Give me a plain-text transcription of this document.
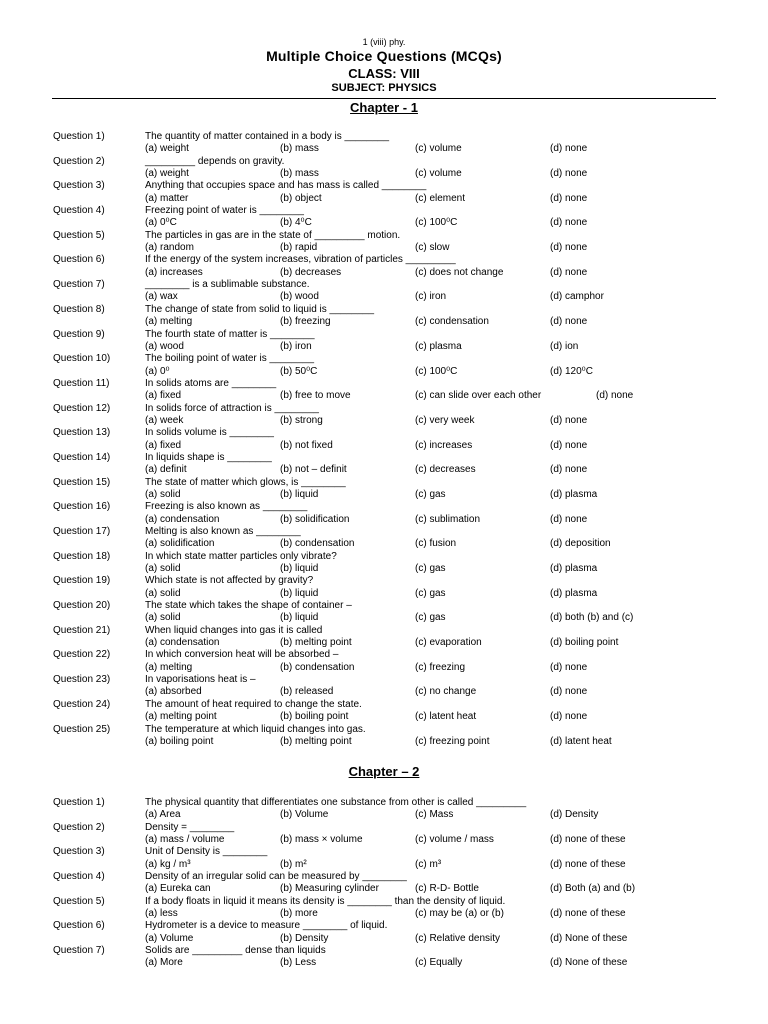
1 (viii) phy.
Multiple Choice Questions (MCQs)
CLASS: VIII
SUBJECT: PHYSICS
Chapter - 1
Question 1)	The quantity of matter contained in a body is ________
(a) weight	(b) mass	(c) volume	(d) none
Question 2)	_________ depends on gravity.
(a) weight	(b) mass	(c) volume	(d) none
Question 3)	Anything that occupies space and has mass is called ________
(a) matter	(b) object	(c) element	(d) none
Question 4)	Freezing point of water is ________
(a) 0⁰C	(b) 4⁰C	(c) 100⁰C	(d) none
Question 5)	The particles in gas are in the state of _________ motion.
(a) random	(b) rapid	(c) slow	(d) none
Question 6)	If the energy of the system increases, vibration of particles _________
(a) increases	(b) decreases	(c) does not change	(d) none
Question 7)	________ is a sublimable substance.
(a) wax	(b) wood	(c) iron	(d) camphor
Question 8)	The change of state from solid to liquid is ________
(a) melting	(b) freezing	(c) condensation	(d) none
Question 9)	The fourth state of matter is ________
(a) wood	(b) iron	(c) plasma	(d) ion
Question 10)	The boiling point of water is ________
(a) 0⁰	(b) 50⁰C	(c) 100⁰C	(d) 120⁰C
Question 11)	In solids atoms are ________
(a) fixed	(b) free to move	(c) can slide over each other	(d) none
Question 12)	In solids force of attraction is ________
(a) week	(b) strong	(c) very week	(d) none
Question 13)	In solids volume is ________
(a) fixed	(b) not fixed	(c) increases	(d) none
Question 14)	In liquids shape is ________
(a) definit	(b) not – definit	(c) decreases	(d) none
Question 15)	The state of matter which glows, is ________
(a) solid	(b) liquid	(c) gas	(d) plasma
Question 16)	Freezing is also known as ________
(a) condensation	(b) solidification	(c) sublimation	(d) none
Question 17)	Melting is also known as ________
(a) solidification	(b) condensation	(c) fusion	(d) deposition
Question 18)	In which state matter particles only vibrate?
(a) solid	(b) liquid	(c) gas	(d) plasma
Question 19)	Which state is not affected by gravity?
(a) solid	(b) liquid	(c) gas	(d) plasma
Question 20)	The state which takes the shape of container –
(a) solid	(b) liquid	(c) gas	(d) both (b) and (c)
Question 21)	When liquid changes into gas it is called
(a) condensation	(b) melting point	(c) evaporation	(d) boiling point
Question 22)	In which conversion heat will be absorbed –
(a) melting	(b) condensation	(c) freezing	(d) none
Question 23)	In vaporisations heat is –
(a) absorbed	(b) released	(c) no change	(d) none
Question 24)	The amount of heat required to change the state.
(a) melting point	(b) boiling point	(c) latent heat	(d) none
Question 25)	The temperature at which liquid changes into gas.
(a) boiling point	(b) melting point	(c) freezing point	(d) latent heat
Chapter – 2
Question 1)	The physical quantity that differentiates one substance from other is called _________
(a) Area	(b) Volume	(c) Mass	(d) Density
Question 2)	Density = ________
(a) mass / volume	(b) mass × volume	(c) volume / mass	(d) none of these
Question 3)	Unit of Density is ________
(a) kg / m³	(b) m²	(c) m³	(d) none of these
Question 4)	Density of an irregular solid can be measured by ________
(a) Eureka can	(b) Measuring cylinder	(c) R-D- Bottle	(d) Both (a) and (b)
Question 5)	If a body floats in liquid it means its density is ________ than the density of liquid.
(a) less	(b) more	(c) may be (a) or (b)	(d) none of these
Question 6)	Hydrometer is a device to measure ________ of liquid.
(a) Volume	(b) Density	(c) Relative density	(d) None of these
Question 7)	Solids are _________ dense than liquids
(a) More	(b) Less	(c) Equally	(d) None of these
